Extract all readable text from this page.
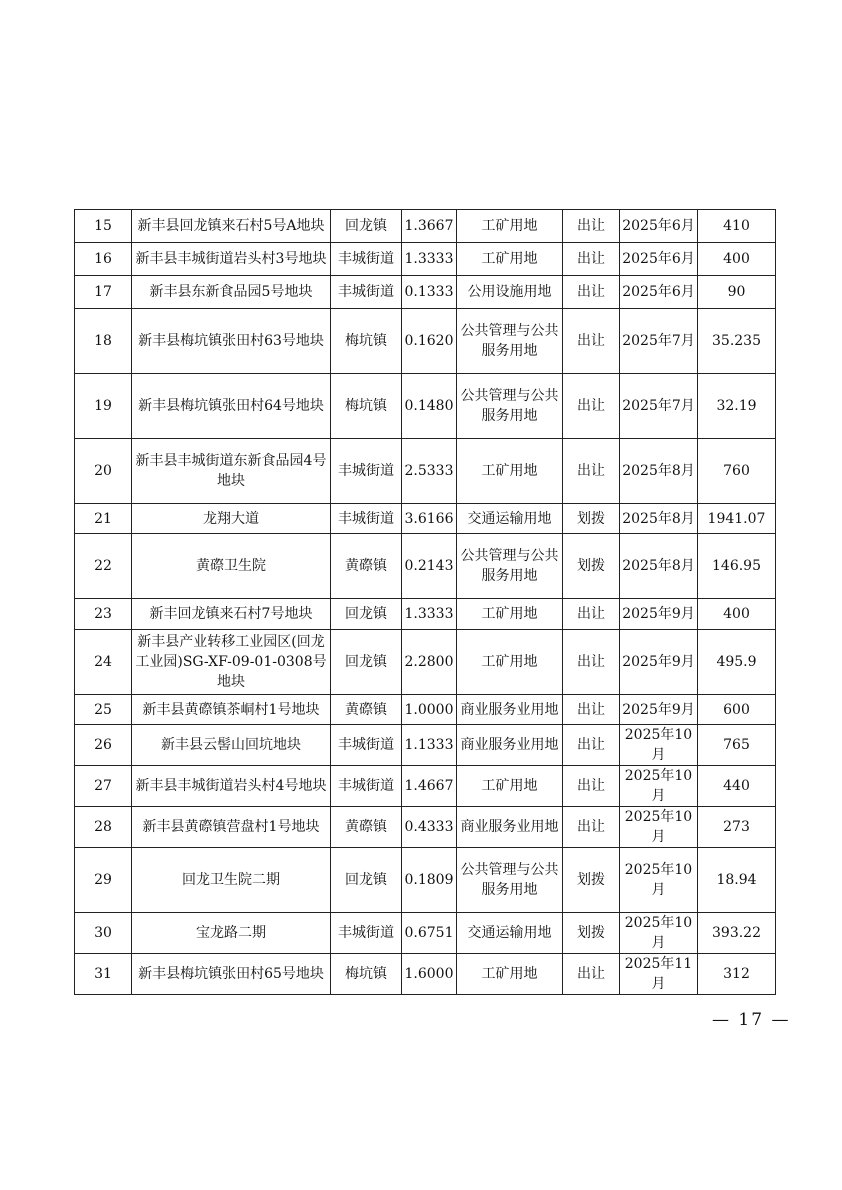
15	新丰县回龙镇来石村5号A地块	回龙镇	1.3667	工矿用地	出让	2025年6月	410
16	新丰县丰城街道岩头村3号地块	丰城街道	1.3333	工矿用地	出让	2025年6月	400
17	新丰县东新食品园5号地块	丰城街道	0.1333	公用设施用地	出让	2025年6月	90
18	新丰县梅坑镇张田村63号地块	梅坑镇	0.1620	公共管理与公共服务用地	出让	2025年7月	35.235
19	新丰县梅坑镇张田村64号地块	梅坑镇	0.1480	公共管理与公共服务用地	出让	2025年7月	32.19
20	新丰县丰城街道东新食品园4号地块	丰城街道	2.5333	工矿用地	出让	2025年8月	760
21	龙翔大道	丰城街道	3.6166	交通运输用地	划拨	2025年8月	1941.07
22	黄磜卫生院	黄磜镇	0.2143	公共管理与公共服务用地	划拨	2025年8月	146.95
23	新丰回龙镇来石村7号地块	回龙镇	1.3333	工矿用地	出让	2025年9月	400
24	新丰县产业转移工业园区(回龙工业园)SG-XF-09-01-0308号地块	回龙镇	2.2800	工矿用地	出让	2025年9月	495.9
25	新丰县黄磜镇茶峒村1号地块	黄磜镇	1.0000	商业服务业用地	出让	2025年9月	600
26	新丰县云髻山回坑地块	丰城街道	1.1333	商业服务业用地	出让	2025年10月	765
27	新丰县丰城街道岩头村4号地块	丰城街道	1.4667	工矿用地	出让	2025年10月	440
28	新丰县黄磜镇营盘村1号地块	黄磜镇	0.4333	商业服务业用地	出让	2025年10月	273
29	回龙卫生院二期	回龙镇	0.1809	公共管理与公共服务用地	划拨	2025年10月	18.94
30	宝龙路二期	丰城街道	0.6751	交通运输用地	划拨	2025年10月	393.22
31	新丰县梅坑镇张田村65号地块	梅坑镇	1.6000	工矿用地	出让	2025年11月	312
— 17 —
